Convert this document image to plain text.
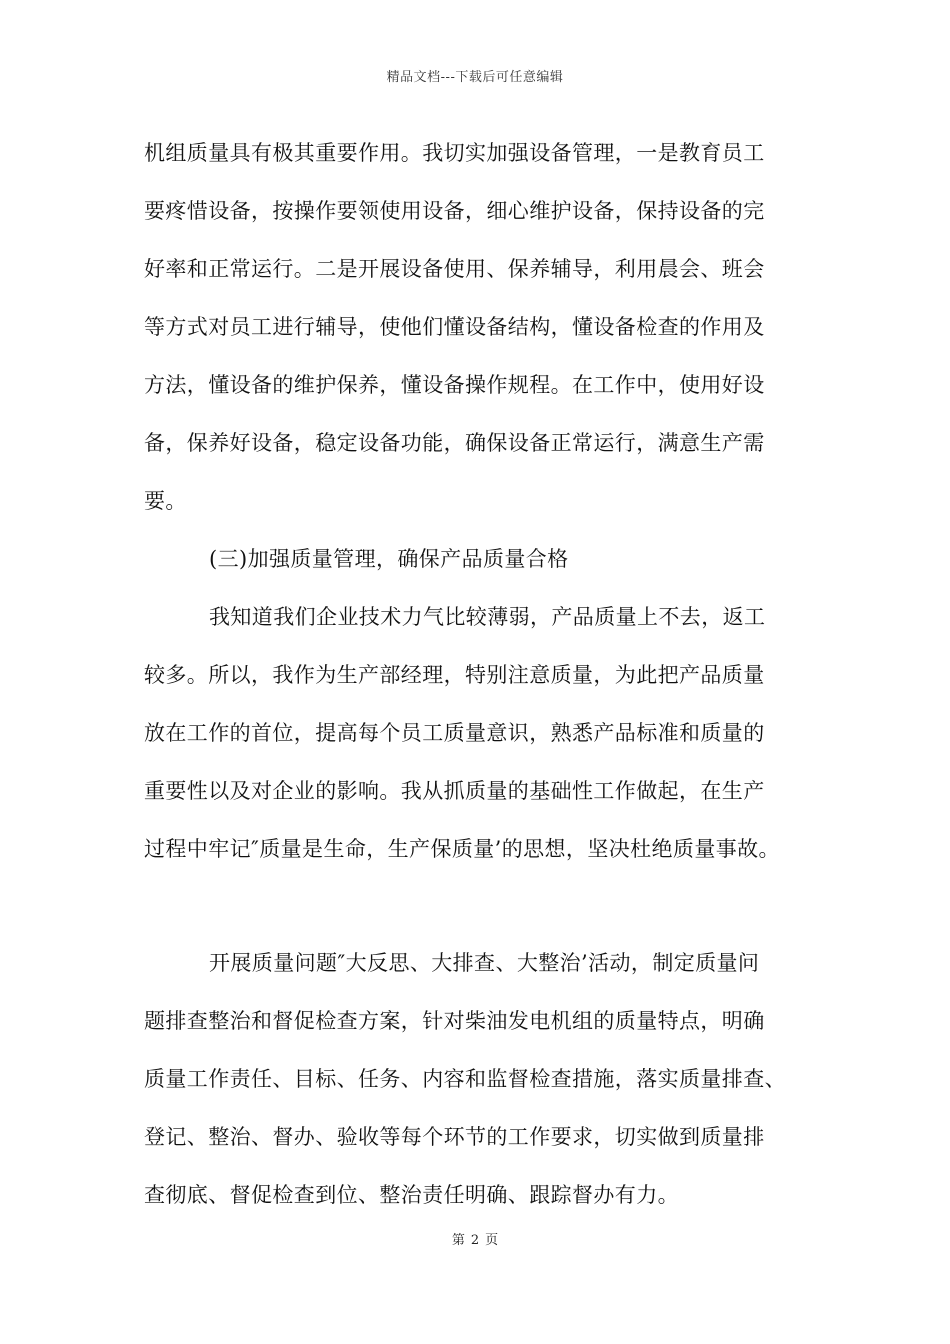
精品文档---下载后可任意编辑
机组质量具有极其重要作用。我切实加强设备管理，一是教育员工
要疼惜设备，按操作要领使用设备，细心维护设备，保持设备的完
好率和正常运行。二是开展设备使用、保养辅导，利用晨会、班会
等方式对员工进行辅导，使他们懂设备结构，懂设备检查的作用及
方法，懂设备的维护保养，懂设备操作规程。在工作中，使用好设
备，保养好设备，稳定设备功能，确保设备正常运行，满意生产需
要。
(三)加强质量管理，确保产品质量合格
我知道我们企业技术力气比较薄弱，产品质量上不去，返工
较多。所以，我作为生产部经理，特别注意质量，为此把产品质量
放在工作的首位，提高每个员工质量意识，熟悉产品标准和质量的
重要性以及对企业的影响。我从抓质量的基础性工作做起，在生产
过程中牢记″质量是生命，生产保质量’的思想，坚决杜绝质量事故。
开展质量问题″大反思、大排查、大整治’活动，制定质量问
题排查整治和督促检查方案，针对柴油发电机组的质量特点，明确
质量工作责任、目标、任务、内容和监督检查措施，落实质量排查、
登记、整治、督办、验收等每个环节的工作要求，切实做到质量排
查彻底、督促检查到位、整治责任明确、跟踪督办有力。
第 2 页
